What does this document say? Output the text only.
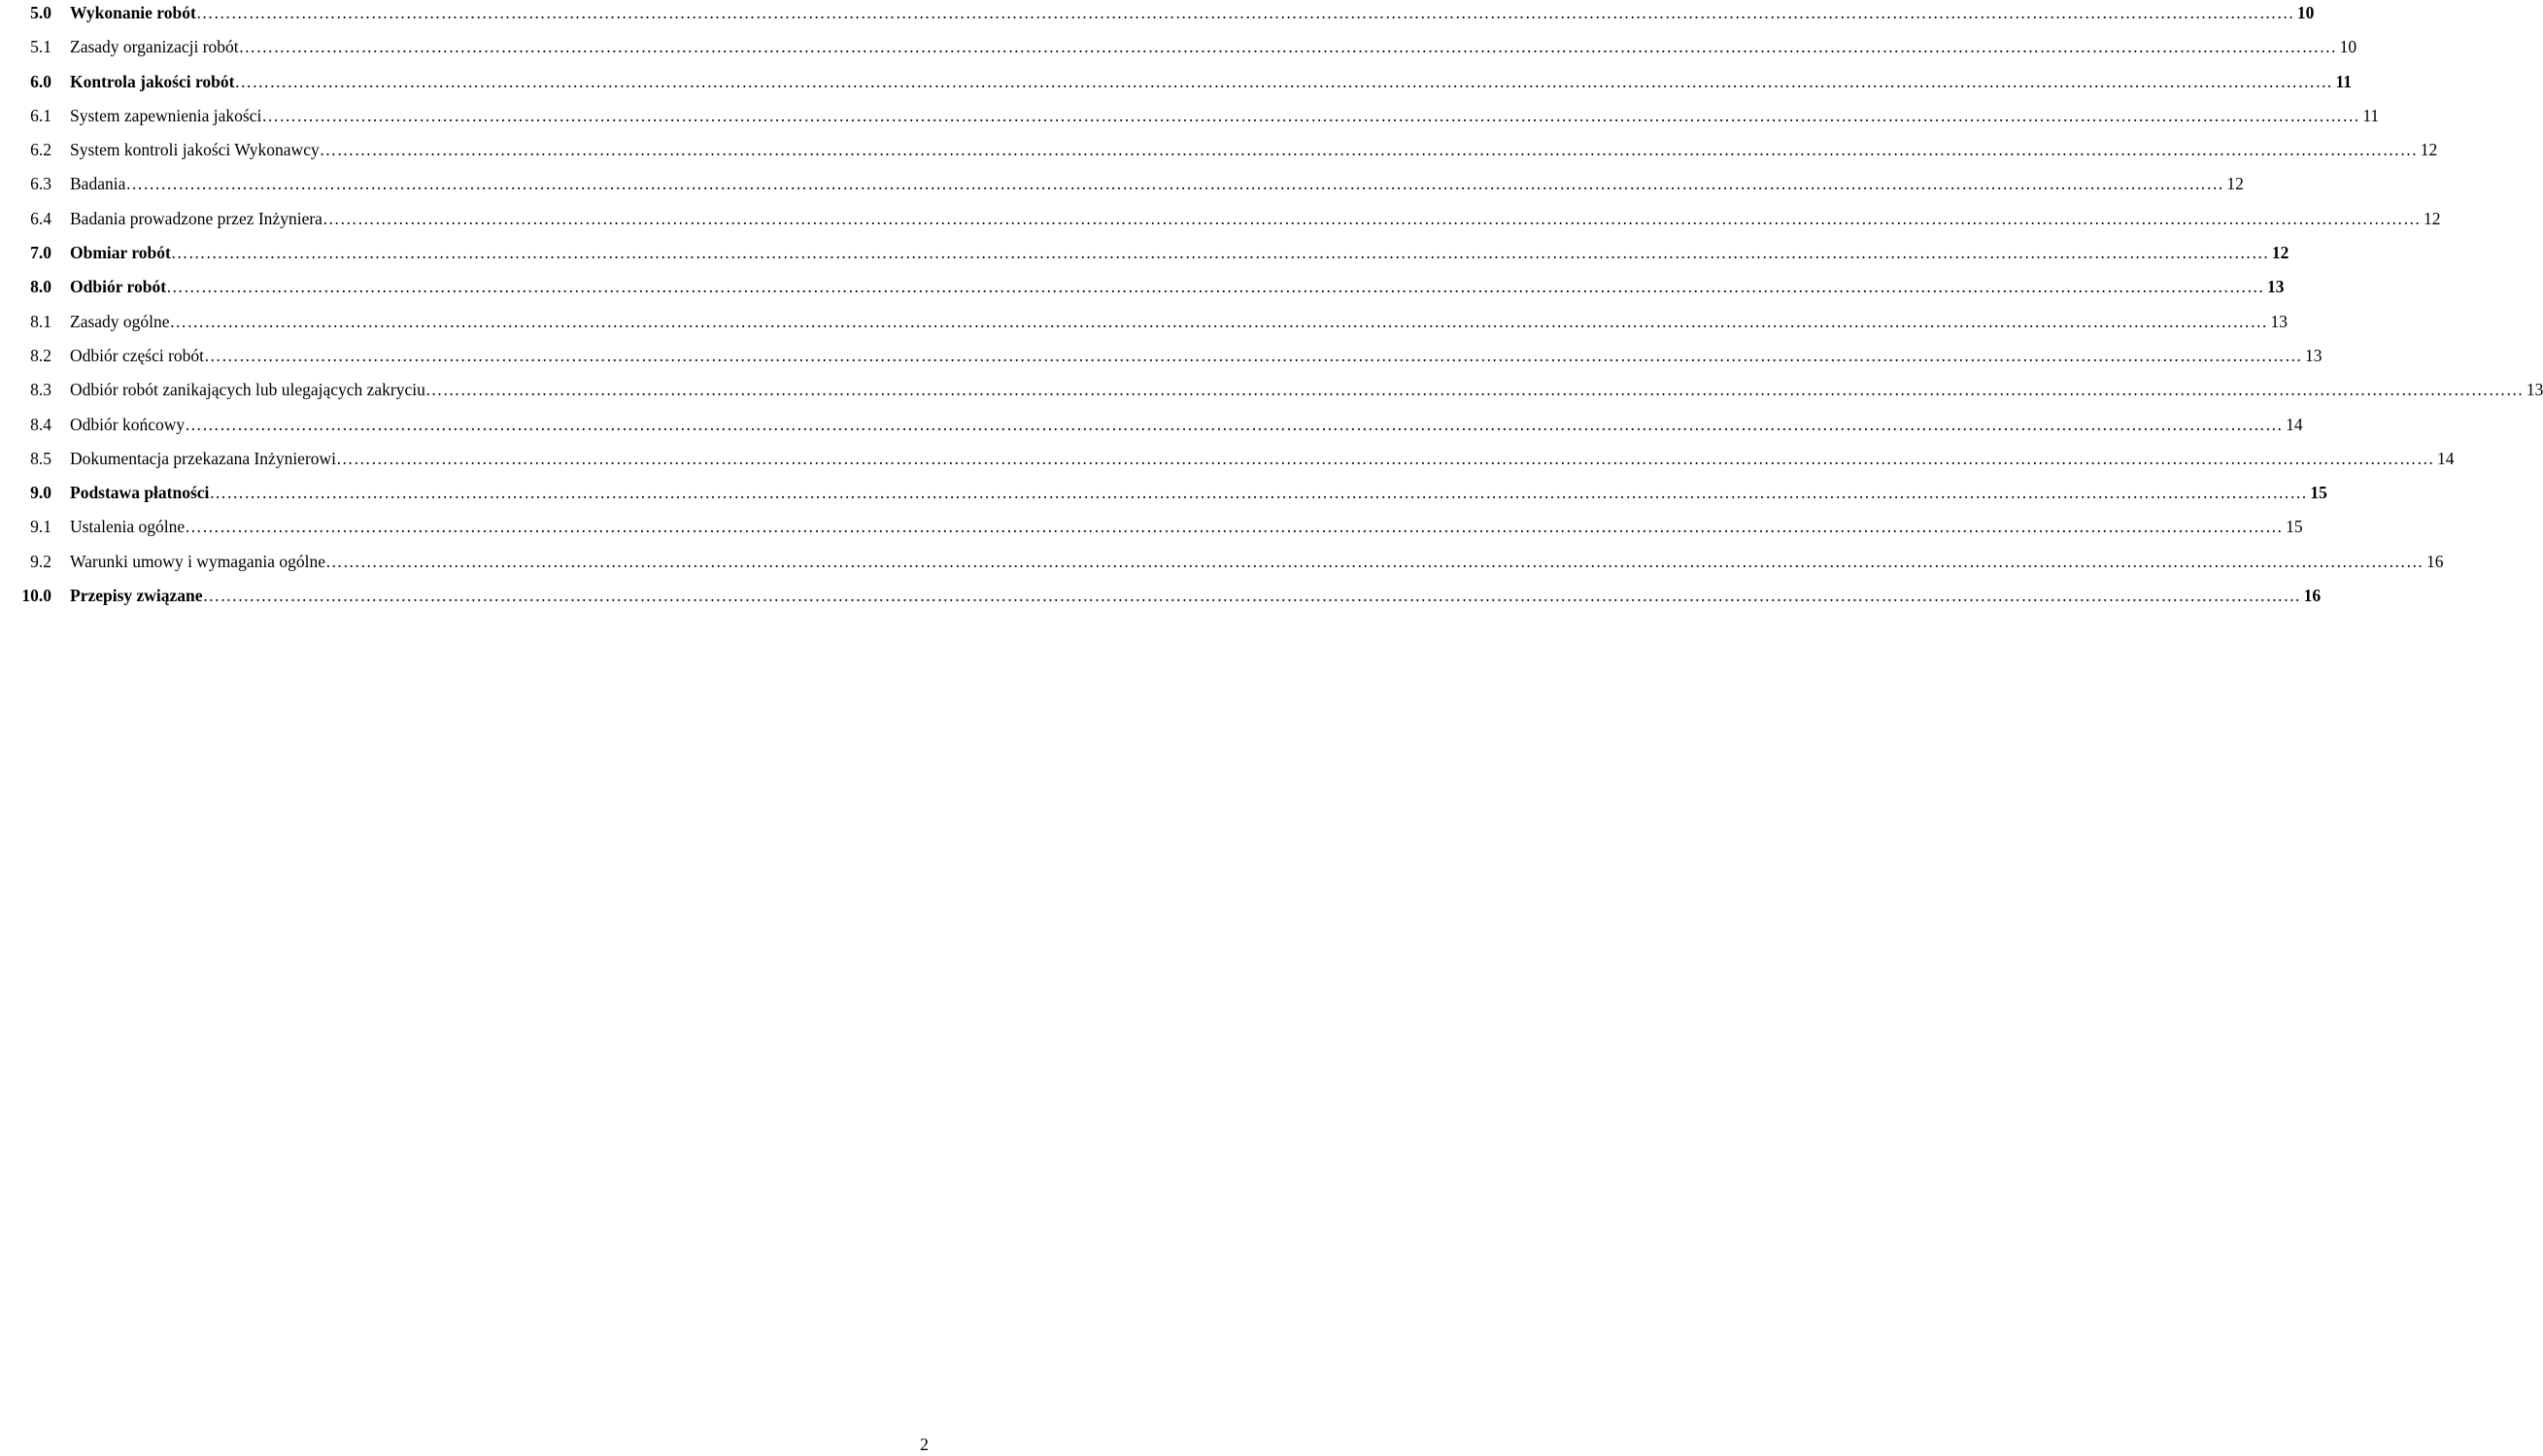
5.0 Wykonanie robót ……………………………………………………………………………………………………………………………………………………………………………………………………………………………………………………………………………………………………………………………… 10
5.1 Zasady organizacji robót ……………………………………………………………………………………………………………………………………………………………………………………………………………………………………………………………………………………………………………………………… 10
6.0 Kontrola jakości robót ……………………………………………………………………………………………………………………………………………………………………………………………………………………………………………………………………………………………………………………………… 11
6.1 System zapewnienia jakości ……………………………………………………………………………………………………………………………………………………………………………………………………………………………………………………………………………………………………………………………… 11
6.2 System kontroli jakości Wykonawcy ……………………………………………………………………………………………………………………………………………………………………………………………………………………………………………………………………………………………………………………………… 12
6.3 Badania ……………………………………………………………………………………………………………………………………………………………………………………………………………………………………………………………………………………………………………………………… 12
6.4 Badania prowadzone przez Inżyniera ……………………………………………………………………………………………………………………………………………………………………………………………………………………………………………………………………………………………………………………………… 12
7.0 Obmiar robót ……………………………………………………………………………………………………………………………………………………………………………………………………………………………………………………………………………………………………………………………… 12
8.0 Odbiór robót ……………………………………………………………………………………………………………………………………………………………………………………………………………………………………………………………………………………………………………………………… 13
8.1 Zasady ogólne ……………………………………………………………………………………………………………………………………………………………………………………………………………………………………………………………………………………………………………………………… 13
8.2 Odbiór części robót ……………………………………………………………………………………………………………………………………………………………………………………………………………………………………………………………………………………………………………………………… 13
8.3 Odbiór robót zanikających lub ulegających zakryciu ……………………………………………………………………………………………………………………………………………………………………………………………………………………………………………………………………………………………………………………………… 13
8.4 Odbiór końcowy ……………………………………………………………………………………………………………………………………………………………………………………………………………………………………………………………………………………………………………………………… 14
8.5 Dokumentacja przekazana Inżynierowi ……………………………………………………………………………………………………………………………………………………………………………………………………………………………………………………………………………………………………………………………… 14
9.0 Podstawa płatności ……………………………………………………………………………………………………………………………………………………………………………………………………………………………………………………………………………………………………………………………… 15
9.1 Ustalenia ogólne ……………………………………………………………………………………………………………………………………………………………………………………………………………………………………………………………………………………………………………………………… 15
9.2 Warunki umowy i wymagania ogólne ……………………………………………………………………………………………………………………………………………………………………………………………………………………………………………………………………………………………………………………………… 16
10.0 Przepisy związane ……………………………………………………………………………………………………………………………………………………………………………………………………………………………………………………………………………………………………………………………… 16
2
